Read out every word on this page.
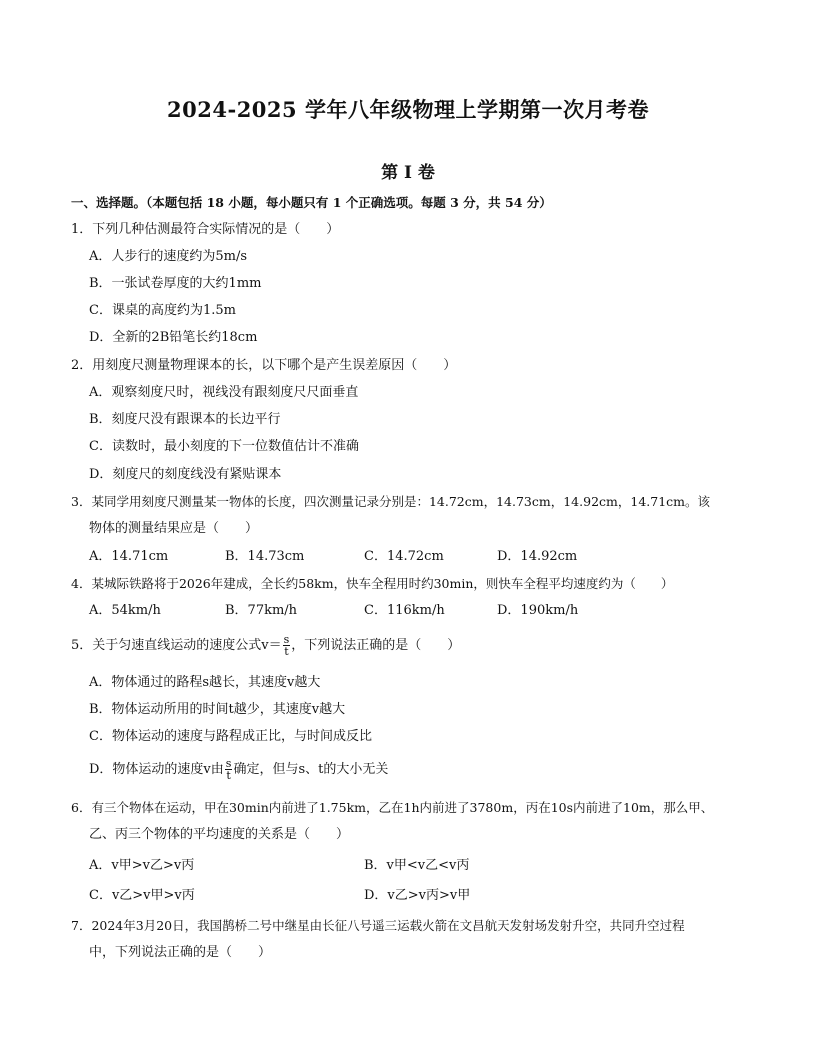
2024-2025 学年八年级物理上学期第一次月考卷
第 I 卷
一、选择题。（本题包括 18 小题，每小题只有 1 个正确选项。每题 3 分，共 54 分）
1．下列几种估测最符合实际情况的是（　　）
A．人步行的速度约为5m/s
B．一张试卷厚度的大约1mm
C．课桌的高度约为1.5m
D．全新的2B铅笔长约18cm
2．用刻度尺测量物理课本的长，以下哪个是产生误差原因（　　）
A．观察刻度尺时，视线没有跟刻度尺尺面垂直
B．刻度尺没有跟课本的长边平行
C．读数时，最小刻度的下一位数值估计不准确
D．刻度尺的刻度线没有紧贴课本
3．某同学用刻度尺测量某一物体的长度，四次测量记录分别是：14.72cm，14.73cm，14.92cm，14.71cm。该
物体的测量结果应是（　　）
A．14.71cm	B．14.73cm	C．14.72cm	D．14.92cm
4．某城际铁路将于2026年建成，全长约58km，快车全程用时约30min，则快车全程平均速度约为（　　）
A．54km/h	B．77km/h	C．116km/h	D．190km/h
5．关于匀速直线运动的速度公式$v= \frac{s}{t}$ ，下列说法正确的是（　　）
A．物体通过的路程s越长，其速度v越大
B．物体运动所用的时间t越少，其速度v越大
C．物体运动的速度与路程成正比，与时间成反比
D．物体运动的速度v由 $\frac{s}{t}$ 确定，但与s、t的大小无关
6．有三个物体在运动，甲在30min内前进了1.75km，乙在1h内前进了3780m，丙在10s内前进了10m，那么甲、
乙、丙三个物体的平均速度的关系是（　　）
A．v甲>v乙>v丙	B．v甲<v乙<v丙
C．v乙>v甲>v丙	D．v乙>v丙>v甲
7．2024年3月20日，我国鹊桥二号中继星由长征八号遥三运载火箭在文昌航天发射场发射升空，共同升空过程
中，下列说法正确的是（　　）
